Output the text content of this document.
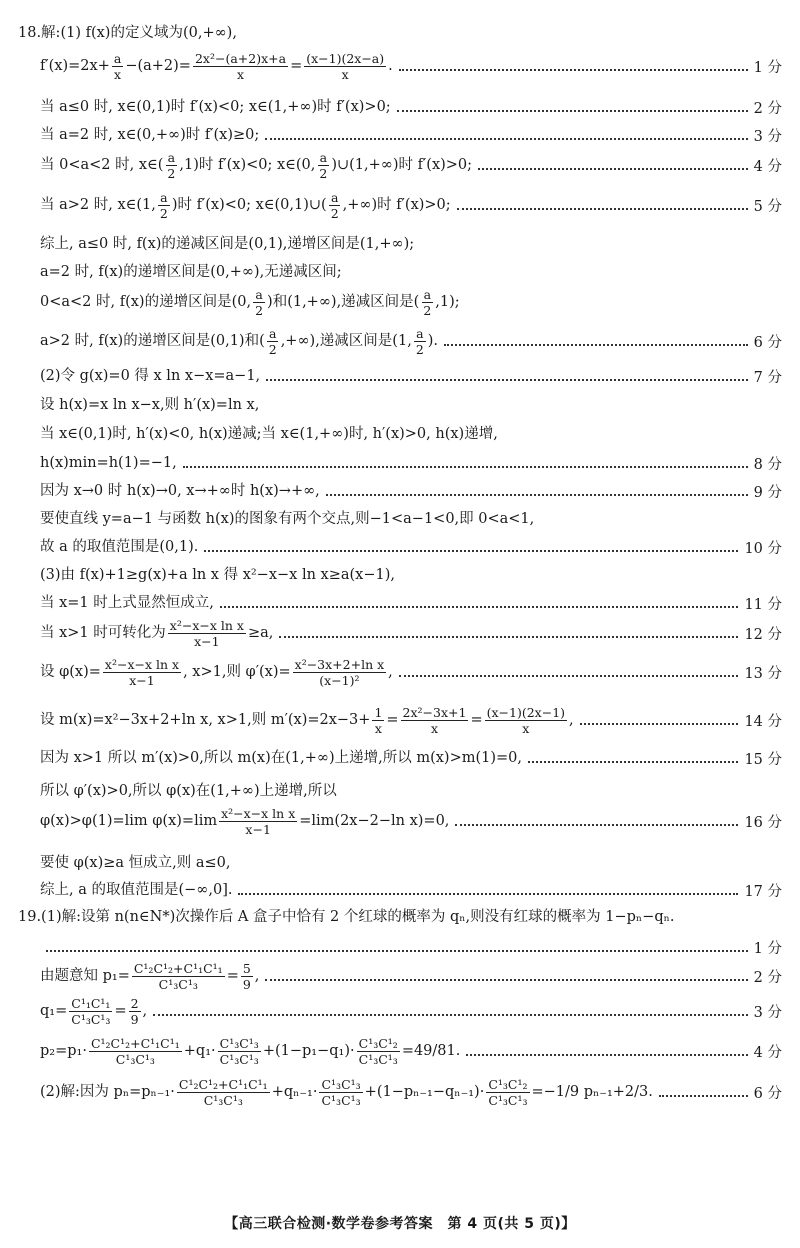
18.解:(1) f(x)的定义域为(0,+∞),
$f'(x)=2x+ \frac{a}{x} -(a+2)= \frac{\text{2x²−(a+2)x+a}}{x} = \frac{(x-1)(2x-a)}{x}$ .	1 分
当 a≤0 时, x∈(0,1)时 f′(x)<0; x∈(1,+∞)时 f′(x)>0;	2 分
当 a=2 时, x∈(0,+∞)时 f′(x)≥0;	3 分
当 0<a<2 时, x∈( $\frac{a}{2} ,1$)时 f′(x)<0; x∈(0, $\frac{a}{2}$ )∪(1,+∞)时 f′(x)>0;	4 分
当 a>2 时, x∈(1, $\frac{a}{2}$ )时 f′(x)<0; x∈(0,1)∪( $\frac{a}{2}$ ,+∞)时 f′(x)>0;	5 分
综上, a≤0 时, f(x)的递减区间是(0,1),递增区间是(1,+∞);
a=2 时, f(x)的递增区间是(0,+∞),无递减区间;
0<a<2 时, f(x)的递增区间是(0, $\frac{a}{2}$ )和(1,+∞),递减区间是( $\frac{a}{2} ,1$);
a>2 时, f(x)的递增区间是(0,1)和( $\frac{a}{2}$ ,+∞),递减区间是(1, $\frac{a}{2}$ ).	6 分
(2)令 g(x)=0 得 x ln x−x=a−1,	7 分
设 h(x)=x ln x−x,则 h′(x)=ln x,
当 x∈(0,1)时, h′(x)<0, h(x)递减;当 x∈(1,+∞)时, h′(x)>0, h(x)递增,
h(x)min=h(1)=−1,	8 分
因为 x→0 时 h(x)→0, x→+∞时 h(x)→+∞,	9 分
要使直线 y=a−1 与函数 h(x)的图象有两个交点,则−1<a−1<0,即 0<a<1,
故 a 的取值范围是(0,1).	10 分
(3)由 f(x)+1≥g(x)+a ln x 得 x²−x−x ln x≥a(x−1),
当 x=1 时上式显然恒成立,	11 分
当 x>1 时可转化为 $\frac{\text{x²−x−x ln x}}{x-1} \ge a$,	12 分
设 $\varphi(x)= \frac{\text{x²−x−x ln x}}{x-1}$ , x>1,则 $\varphi'(x)= \frac{\text{x²−3x+2+ln x}}{\text{(x−1)²}}$ ,	13 分
设 m(x)=x²−3x+2+ln x, x>1,则 $m'(x)=2x-3+ \frac{1}{x} = \frac{\text{2x²−3x+1}}{x} = \frac{(x-1)(2x-1)}{x}$ ,	14 分
因为 x>1 所以 m′(x)>0,所以 m(x)在(1,+∞)上递增,所以 m(x)>m(1)=0,	15 分
所以 φ′(x)>0,所以 φ(x)在(1,+∞)上递增,所以
φ(x)>φ(1)=lim $\varphi(x)=\lim \frac{\text{x²−x−x ln x}}{x-1} =\lim(2x-2-\ln$ x)=0,	16 分
要使 φ(x)≥a 恒成立,则 a≤0,
综上, a 的取值范围是(−∞,0].	17 分
19.(1)解:设第 n(n∈N*)次操作后 A 盒子中恰有 2 个红球的概率为 qₙ,则没有红球的概率为 1−pₙ−qₙ.
1 分
由题意知 $p_1= \frac{\text{C¹₂C¹₂+C¹₁C¹₁}}{\text{C¹₃C¹₃}} = \frac{5}{9}$ ,	2 分
$q_1= \frac{\text{C¹₁C¹₁}}{\text{C¹₃C¹₃}} = \frac{2}{9}$ ,	3 分
$p_2=p_1\cdot \frac{\text{C¹₂C¹₂+C¹₁C¹₁}}{\text{C¹₃C¹₃}} +q_1\cdot \frac{\text{C¹₃C¹₃}}{\text{C¹₃C¹₃}} +(1-p_1-q_1)\cdot \frac{\text{C¹₃C¹₂}}{\text{C¹₃C¹₃}} =49/81$.	4 分
(2)解:因为 $p_n=p_{n-1}\cdot \frac{\text{C¹₂C¹₂+C¹₁C¹₁}}{\text{C¹₃C¹₃}} +q_{n-1}\cdot \frac{\text{C¹₃C¹₃}}{\text{C¹₃C¹₃}} +(1-p_{n-1}-q_{n-1})\cdot \frac{\text{C¹₃C¹₂}}{\text{C¹₃C¹₃}} =-1/9$ pₙ₋₁+2/3.	6 分
【高三联合检测·数学卷参考答案　第 4 页(共 5 页)】
